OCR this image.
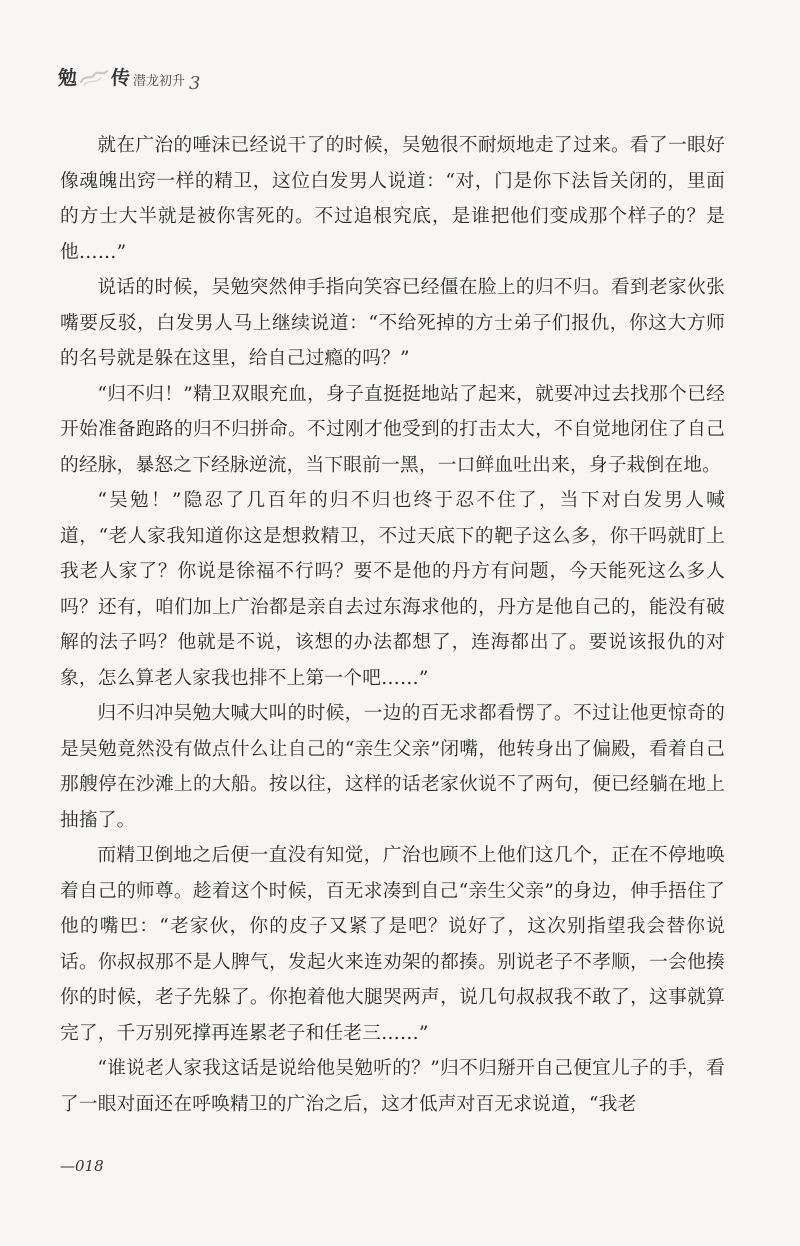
勉 传 潜龙初升 3

就在广治的唾沫已经说干了的时候，吴勉很不耐烦地走了过来。看了一眼好像魂魄出窍一样的精卫，这位白发男人说道：“对，门是你下法旨关闭的，里面的方士大半就是被你害死的。不过追根究底，是谁把他们变成那个样子的？是他……”

说话的时候，吴勉突然伸手指向笑容已经僵在脸上的归不归。看到老家伙张嘴要反驳，白发男人马上继续说道：“不给死掉的方士弟子们报仇，你这大方师的名号就是躲在这里，给自己过瘾的吗？”

“归不归！”精卫双眼充血，身子直挺挺地站了起来，就要冲过去找那个已经开始准备跑路的归不归拼命。不过刚才他受到的打击太大，不自觉地闭住了自己的经脉，暴怒之下经脉逆流，当下眼前一黑，一口鲜血吐出来，身子栽倒在地。

“吴勉！”隐忍了几百年的归不归也终于忍不住了，当下对白发男人喊道，“老人家我知道你这是想救精卫，不过天底下的靶子这么多，你干吗就盯上我老人家了？你说是徐福不行吗？要不是他的丹方有问题，今天能死这么多人吗？还有，咱们加上广治都是亲自去过东海求他的，丹方是他自己的，能没有破解的法子吗？他就是不说，该想的办法都想了，连海都出了。要说该报仇的对象，怎么算老人家我也排不上第一个吧……”

归不归冲吴勉大喊大叫的时候，一边的百无求都看愣了。不过让他更惊奇的是吴勉竟然没有做点什么让自己的“亲生父亲”闭嘴，他转身出了偏殿，看着自己那艘停在沙滩上的大船。按以往，这样的话老家伙说不了两句，便已经躺在地上抽搐了。

而精卫倒地之后便一直没有知觉，广治也顾不上他们这几个，正在不停地唤着自己的师尊。趁着这个时候，百无求凑到自己“亲生父亲”的身边，伸手捂住了他的嘴巴：“老家伙，你的皮子又紧了是吧？说好了，这次别指望我会替你说话。你叔叔那不是人脾气，发起火来连劝架的都揍。别说老子不孝顺，一会他揍你的时候，老子先躲了。你抱着他大腿哭两声，说几句叔叔我不敢了，这事就算完了，千万别死撑再连累老子和任老三……”

“谁说老人家我这话是说给他吴勉听的？”归不归掰开自己便宜儿子的手，看了一眼对面还在呼唤精卫的广治之后，这才低声对百无求说道，“我老

—018
